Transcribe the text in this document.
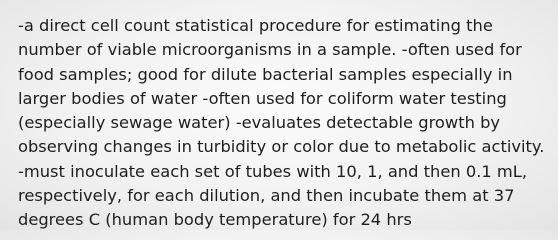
-a direct cell count statistical procedure for estimating the
number of viable microorganisms in a sample. -often used for
food samples; good for dilute bacterial samples especially in
larger bodies of water -often used for coliform water testing
(especially sewage water) -evaluates detectable growth by
observing changes in turbidity or color due to metabolic activity.
-must inoculate each set of tubes with 10, 1, and then 0.1 mL,
respectively, for each dilution, and then incubate them at 37
degrees C (human body temperature) for 24 hrs
